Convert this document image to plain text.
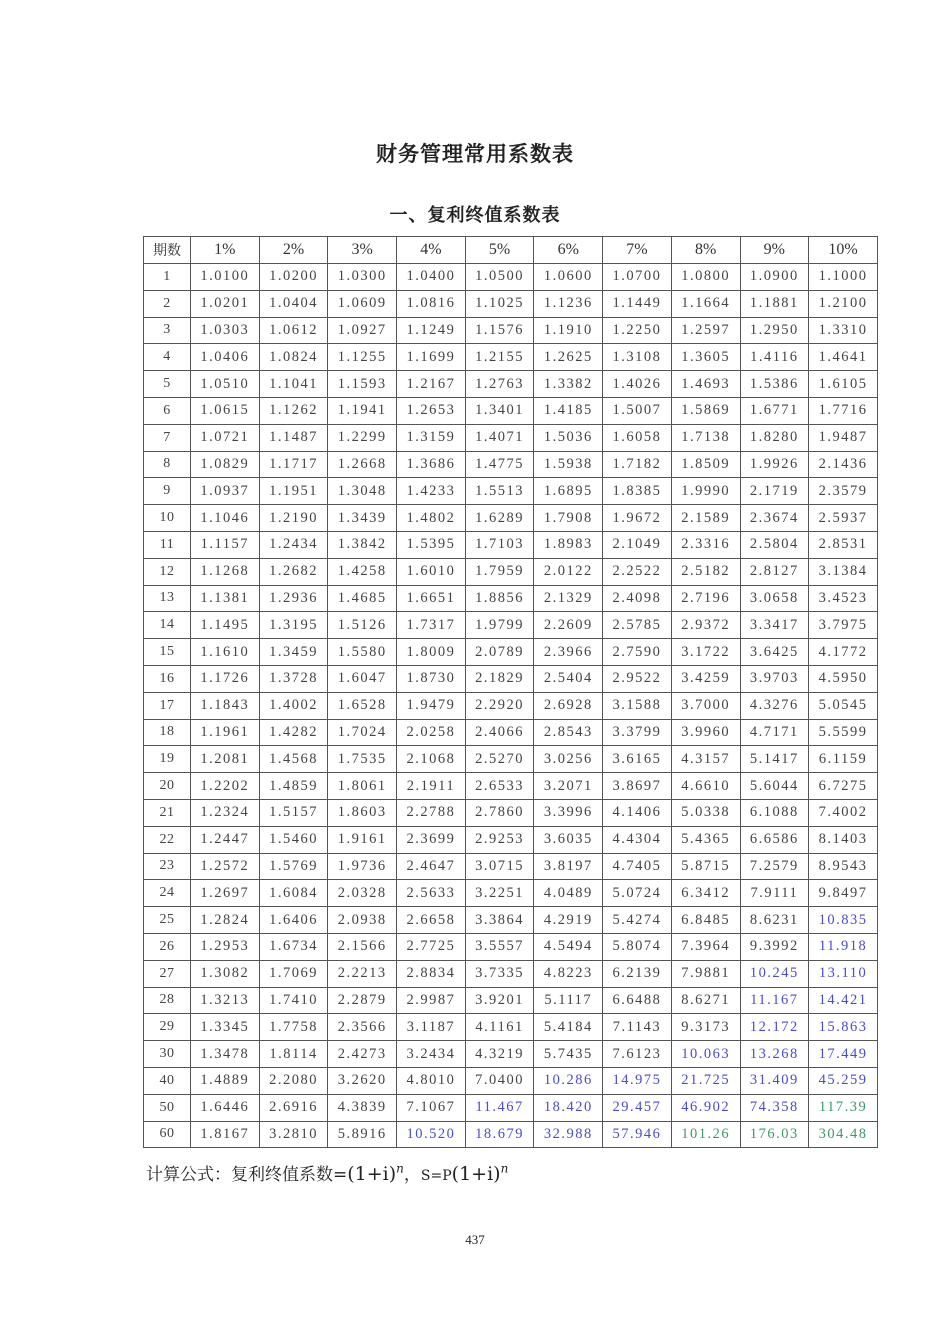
财务管理常用系数表
一、复利终值系数表
期数	1%	2%	3%	4%	5%	6%	7%	8%	9%	10%
1	1.0100	1.0200	1.0300	1.0400	1.0500	1.0600	1.0700	1.0800	1.0900	1.1000
2	1.0201	1.0404	1.0609	1.0816	1.1025	1.1236	1.1449	1.1664	1.1881	1.2100
3	1.0303	1.0612	1.0927	1.1249	1.1576	1.1910	1.2250	1.2597	1.2950	1.3310
4	1.0406	1.0824	1.1255	1.1699	1.2155	1.2625	1.3108	1.3605	1.4116	1.4641
5	1.0510	1.1041	1.1593	1.2167	1.2763	1.3382	1.4026	1.4693	1.5386	1.6105
6	1.0615	1.1262	1.1941	1.2653	1.3401	1.4185	1.5007	1.5869	1.6771	1.7716
7	1.0721	1.1487	1.2299	1.3159	1.4071	1.5036	1.6058	1.7138	1.8280	1.9487
8	1.0829	1.1717	1.2668	1.3686	1.4775	1.5938	1.7182	1.8509	1.9926	2.1436
9	1.0937	1.1951	1.3048	1.4233	1.5513	1.6895	1.8385	1.9990	2.1719	2.3579
10	1.1046	1.2190	1.3439	1.4802	1.6289	1.7908	1.9672	2.1589	2.3674	2.5937
11	1.1157	1.2434	1.3842	1.5395	1.7103	1.8983	2.1049	2.3316	2.5804	2.8531
12	1.1268	1.2682	1.4258	1.6010	1.7959	2.0122	2.2522	2.5182	2.8127	3.1384
13	1.1381	1.2936	1.4685	1.6651	1.8856	2.1329	2.4098	2.7196	3.0658	3.4523
14	1.1495	1.3195	1.5126	1.7317	1.9799	2.2609	2.5785	2.9372	3.3417	3.7975
15	1.1610	1.3459	1.5580	1.8009	2.0789	2.3966	2.7590	3.1722	3.6425	4.1772
16	1.1726	1.3728	1.6047	1.8730	2.1829	2.5404	2.9522	3.4259	3.9703	4.5950
17	1.1843	1.4002	1.6528	1.9479	2.2920	2.6928	3.1588	3.7000	4.3276	5.0545
18	1.1961	1.4282	1.7024	2.0258	2.4066	2.8543	3.3799	3.9960	4.7171	5.5599
19	1.2081	1.4568	1.7535	2.1068	2.5270	3.0256	3.6165	4.3157	5.1417	6.1159
20	1.2202	1.4859	1.8061	2.1911	2.6533	3.2071	3.8697	4.6610	5.6044	6.7275
21	1.2324	1.5157	1.8603	2.2788	2.7860	3.3996	4.1406	5.0338	6.1088	7.4002
22	1.2447	1.5460	1.9161	2.3699	2.9253	3.6035	4.4304	5.4365	6.6586	8.1403
23	1.2572	1.5769	1.9736	2.4647	3.0715	3.8197	4.7405	5.8715	7.2579	8.9543
24	1.2697	1.6084	2.0328	2.5633	3.2251	4.0489	5.0724	6.3412	7.9111	9.8497
25	1.2824	1.6406	2.0938	2.6658	3.3864	4.2919	5.4274	6.8485	8.6231	10.835
26	1.2953	1.6734	2.1566	2.7725	3.5557	4.5494	5.8074	7.3964	9.3992	11.918
27	1.3082	1.7069	2.2213	2.8834	3.7335	4.8223	6.2139	7.9881	10.245	13.110
28	1.3213	1.7410	2.2879	2.9987	3.9201	5.1117	6.6488	8.6271	11.167	14.421
29	1.3345	1.7758	2.3566	3.1187	4.1161	5.4184	7.1143	9.3173	12.172	15.863
30	1.3478	1.8114	2.4273	3.2434	4.3219	5.7435	7.6123	10.063	13.268	17.449
40	1.4889	2.2080	3.2620	4.8010	7.0400	10.286	14.975	21.725	31.409	45.259
50	1.6446	2.6916	4.3839	7.1067	11.467	18.420	29.457	46.902	74.358	117.39
60	1.8167	3.2810	5.8916	10.520	18.679	32.988	57.946	101.26	176.03	304.48
计算公式：复利终值系数$=(1+i)^n$，$S=P(1+i)^n$
437
